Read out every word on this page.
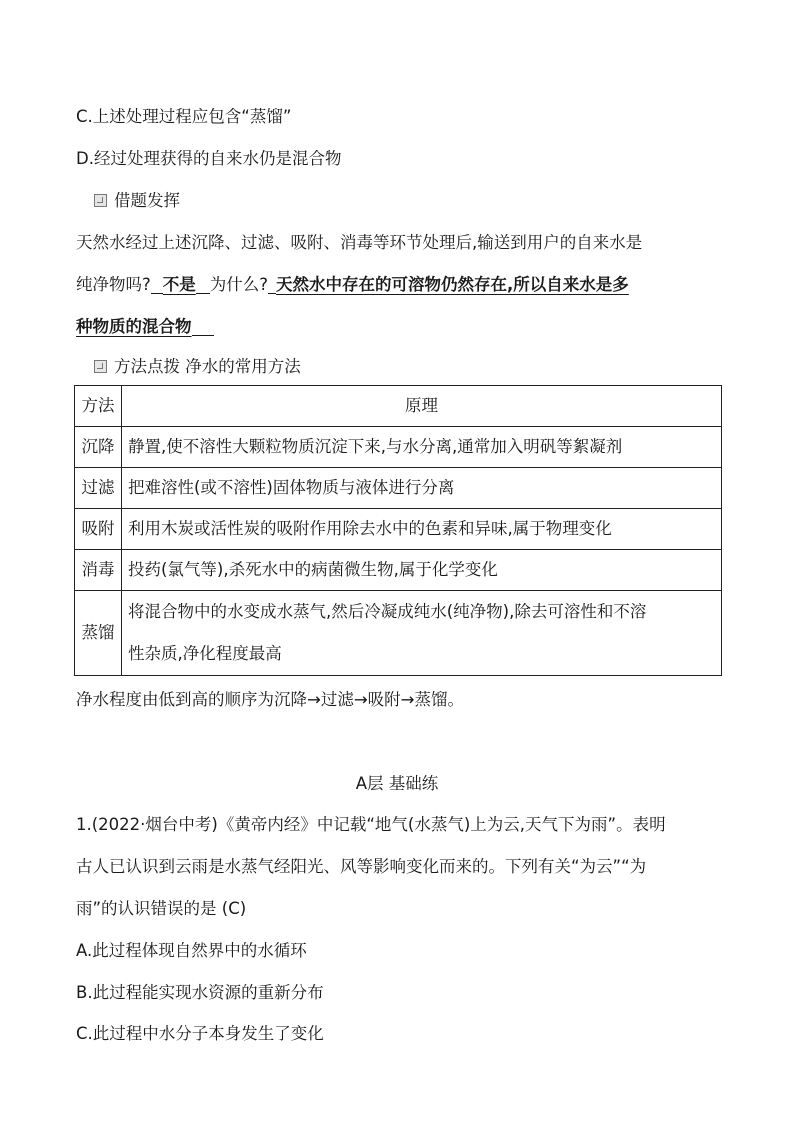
C.上述处理过程应包含“蒸馏”
D.经过处理获得的自来水仍是混合物
借题发挥
天然水经过上述沉降、过滤、吸附、消毒等环节处理后,输送到用户的自来水是
纯净物吗? 不是 为什么? 天然水中存在的可溶物仍然存在,所以自来水是多
种物质的混合物
方法点拨 净水的常用方法
方法	原理
沉降	静置,使不溶性大颗粒物质沉淀下来,与水分离,通常加入明矾等絮凝剂
过滤	把难溶性(或不溶性)固体物质与液体进行分离
吸附	利用木炭或活性炭的吸附作用除去水中的色素和异味,属于物理变化
消毒	投药(氯气等),杀死水中的病菌微生物,属于化学变化
蒸馏	将混合物中的水变成水蒸气,然后冷凝成纯水(纯净物),除去可溶性和不溶
性杂质,净化程度最高
净水程度由低到高的顺序为沉降→过滤→吸附→蒸馏。
A层 基础练
1.(2022·烟台中考)《黄帝内经》中记载“地气(水蒸气)上为云,天气下为雨”。表明
古人已认识到云雨是水蒸气经阳光、风等影响变化而来的。下列有关“为云”“为
雨”的认识错误的是 (C)
A.此过程体现自然界中的水循环
B.此过程能实现水资源的重新分布
C.此过程中水分子本身发生了变化
